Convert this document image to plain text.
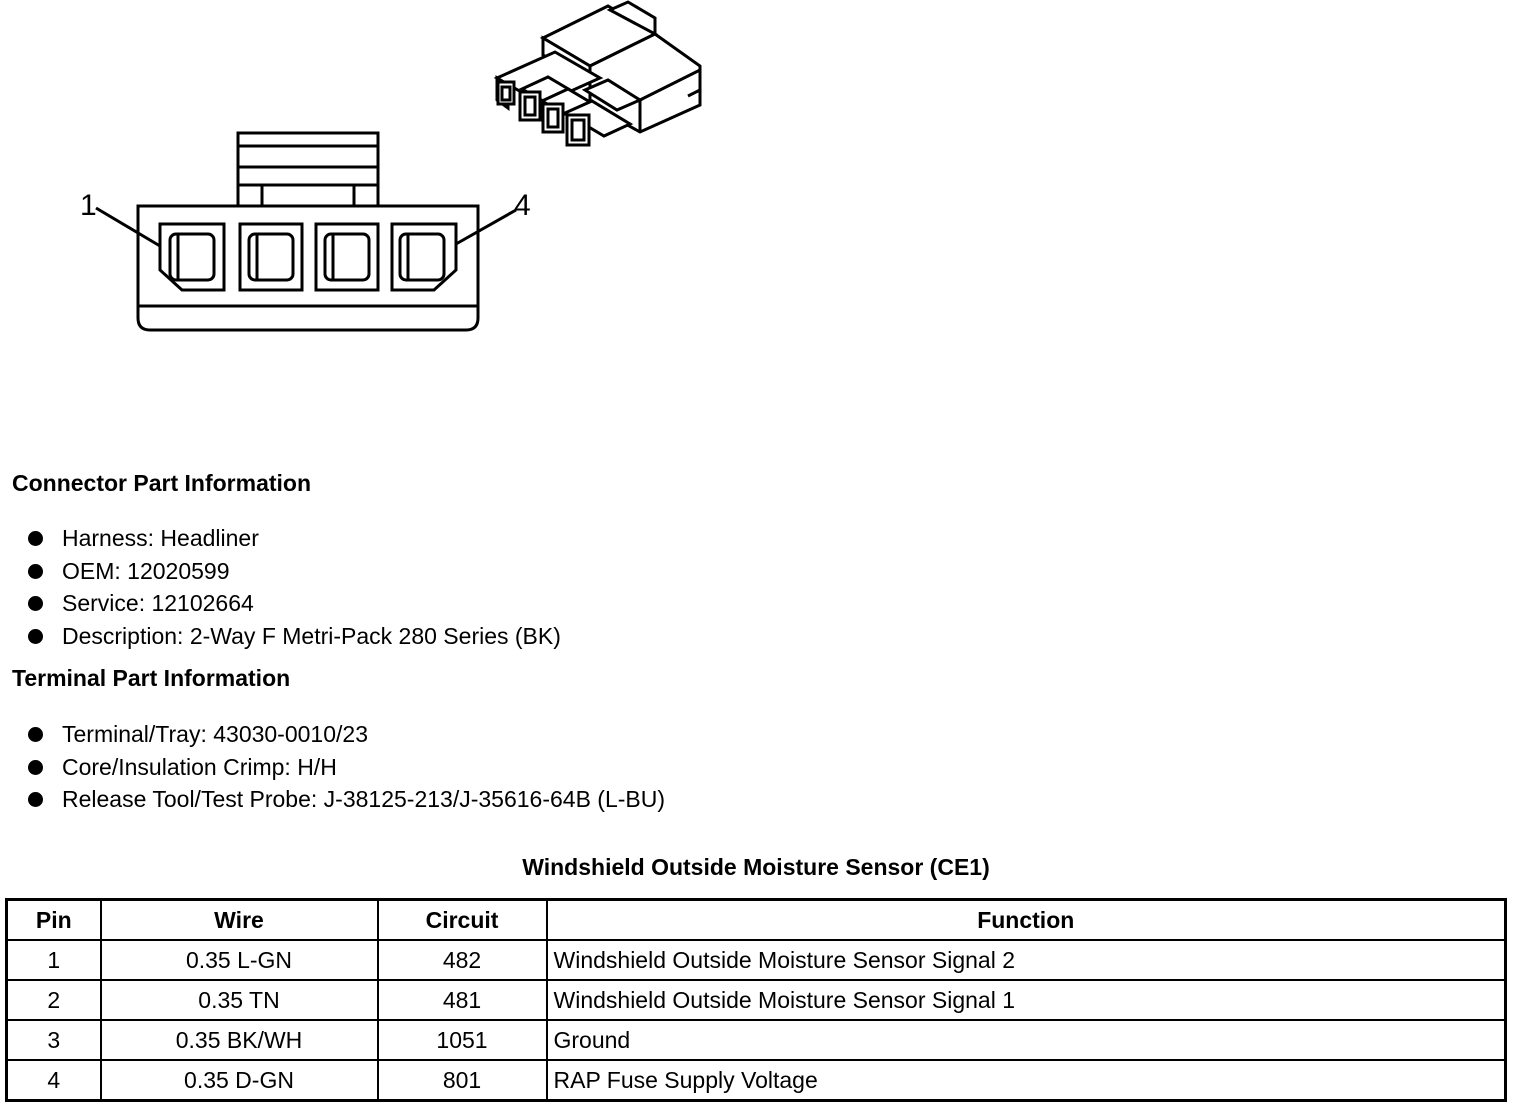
1	4
Connector Part Information
Harness: Headliner
OEM: 12020599
Service: 12102664
Description: 2-Way F Metri-Pack 280 Series (BK)
Terminal Part Information
Terminal/Tray: 43030-0010/23
Core/Insulation Crimp: H/H
Release Tool/Test Probe: J-38125-213/J-35616-64B (L-BU)
Windshield Outside Moisture Sensor (CE1)
Pin	Wire	Circuit	Function
1	0.35 L-GN	482	Windshield Outside Moisture Sensor Signal 2
2	0.35 TN	481	Windshield Outside Moisture Sensor Signal 1
3	0.35 BK/WH	1051	Ground
4	0.35 D-GN	801	RAP Fuse Supply Voltage
